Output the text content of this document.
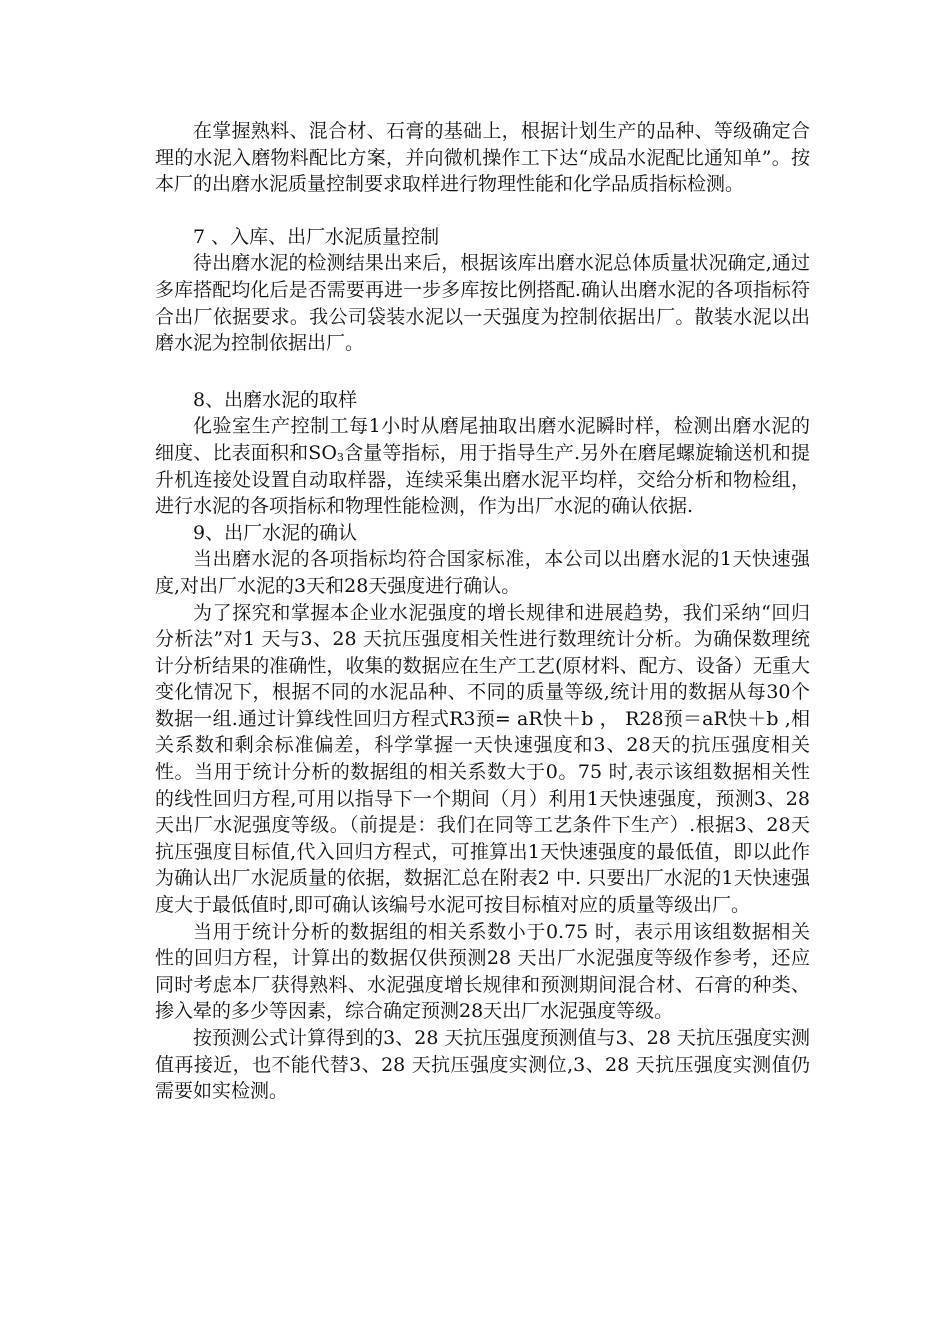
在掌握熟料、混合材、石膏的基础上，根据计划生产的品种、等级确定合理的水泥入磨物料配比方案，并向微机操作工下达“成品水泥配比通知单”。按本厂的出磨水泥质量控制要求取样进行物理性能和化学品质指标检测。

7 、入库、出厂水泥质量控制

待出磨水泥的检测结果出来后，根据该库出磨水泥总体质量状况确定,通过多库搭配均化后是否需要再进一步多库按比例搭配.确认出磨水泥的各项指标符合出厂依据要求。我公司袋装水泥以一天强度为控制依据出厂。散装水泥以出磨水泥为控制依据出厂。

8、出磨水泥的取样

化验室生产控制工每1小时从磨尾抽取出磨水泥瞬时样，检测出磨水泥的细度、比表面积和$SO_3$含量等指标，用于指导生产.另外在磨尾螺旋输送机和提升机连接处设置自动取样器，连续采集出磨水泥平均样，交给分析和物检组，进行水泥的各项指标和物理性能检测，作为出厂水泥的确认依据.

9、出厂水泥的确认

当出磨水泥的各项指标均符合国家标准，本公司以出磨水泥的1天快速强度,对出厂水泥的3天和28天强度进行确认。

为了探究和掌握本企业水泥强度的增长规律和进展趋势，我们采纳“回归分析法”对1 天与3、28 天抗压强度相关性进行数理统计分析。为确保数理统计分析结果的准确性，收集的数据应在生产工艺(原材料、配方、设备）无重大变化情况下，根据不同的水泥品种、不同的质量等级,统计用的数据从每30个数据一组.通过计算线性回归方程式R3预= aR快＋b ， R28预＝aR快＋b ,相关系数和剩余标准偏差，科学掌握一天快速强度和3、28天的抗压强度相关性。当用于统计分析的数据组的相关系数大于0。75 时,表示该组数据相关性的线性回归方程,可用以指导下一个期间（月）利用1天快速强度，预测3、28 天出厂水泥强度等级。（前提是：我们在同等工艺条件下生产）.根据3、28天抗压强度目标值,代入回归方程式，可推算出1天快速强度的最低值，即以此作为确认出厂水泥质量的依据，数据汇总在附表2 中. 只要出厂水泥的1天快速强度大于最低值时,即可确认该编号水泥可按目标植对应的质量等级出厂。

当用于统计分析的数据组的相关系数小于0.75 时，表示用该组数据相关性的回归方程，计算出的数据仅供预测28 天出厂水泥强度等级作参考，还应同时考虑本厂获得熟料、水泥强度增长规律和预测期间混合材、石膏的种类、掺入晕的多少等因素，综合确定预测28天出厂水泥强度等级。

按预测公式计算得到的3、28 天抗压强度预测值与3、28 天抗压强度实测值再接近，也不能代替3、28 天抗压强度实测位,3、28 天抗压强度实测值仍需要如实检测。
